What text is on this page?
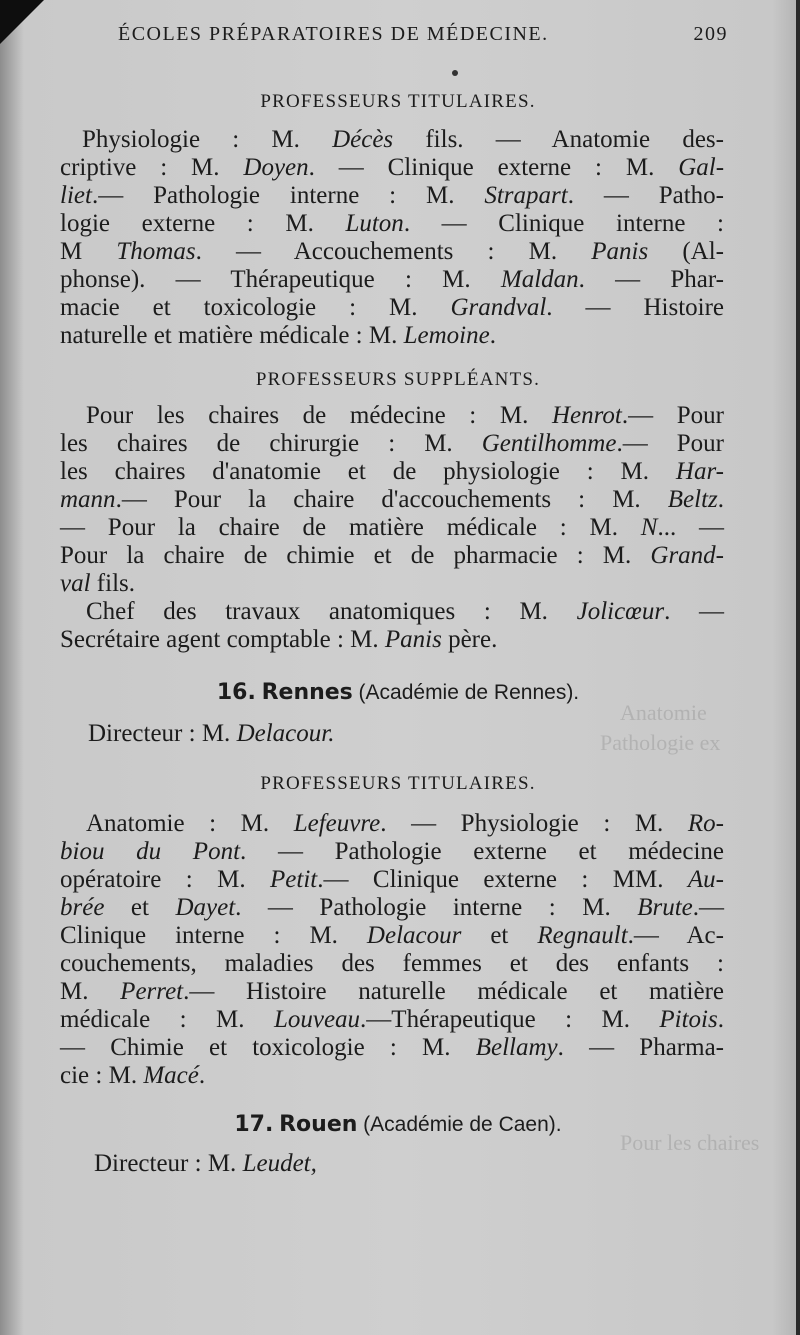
Anatomie
Pathologie ex
Pour les chaires
ÉCOLES PRÉPARATOIRES DE MÉDECINE.	209
PROFESSEURS TITULAIRES.
PROFESSEURS SUPPLÉANTS.
16. Rennes (Académie de Rennes).
Directeur : M. Delacour.
PROFESSEURS TITULAIRES.
17. Rouen (Académie de Caen).
Directeur : M. Leudet,
Physiologie : M. Décès fils. — Anatomie des-
criptive : M. Doyen. — Clinique externe : M. Gal-
liet.— Pathologie interne : M. Strapart. — Patho-
logie externe : M. Luton. — Clinique interne :
M Thomas. — Accouchements : M. Panis (Al-
phonse). — Thérapeutique : M. Maldan. — Phar-
macie et toxicologie : M. Grandval. — Histoire
naturelle et matière médicale : M. Lemoine.
Pour les chaires de médecine : M. Henrot.— Pour
les chaires de chirurgie : M. Gentilhomme.— Pour
les chaires d'anatomie et de physiologie : M. Har-
mann.— Pour la chaire d'accouchements : M. Beltz.
— Pour la chaire de matière médicale : M. N... —
Pour la chaire de chimie et de pharmacie : M. Grand-
val fils.
Chef des travaux anatomiques : M. Jolicœur. —
Secrétaire agent comptable : M. Panis père.
Anatomie : M. Lefeuvre. — Physiologie : M. Ro-
biou du Pont. — Pathologie externe et médecine
opératoire : M. Petit.— Clinique externe : MM. Au-
brée et Dayet. — Pathologie interne : M. Brute.—
Clinique interne : M. Delacour et Regnault.— Ac-
couchements, maladies des femmes et des enfants :
M. Perret.— Histoire naturelle médicale et matière
médicale : M. Louveau.—Thérapeutique : M. Pitois.
— Chimie et toxicologie : M. Bellamy. — Pharma-
cie : M. Macé.
